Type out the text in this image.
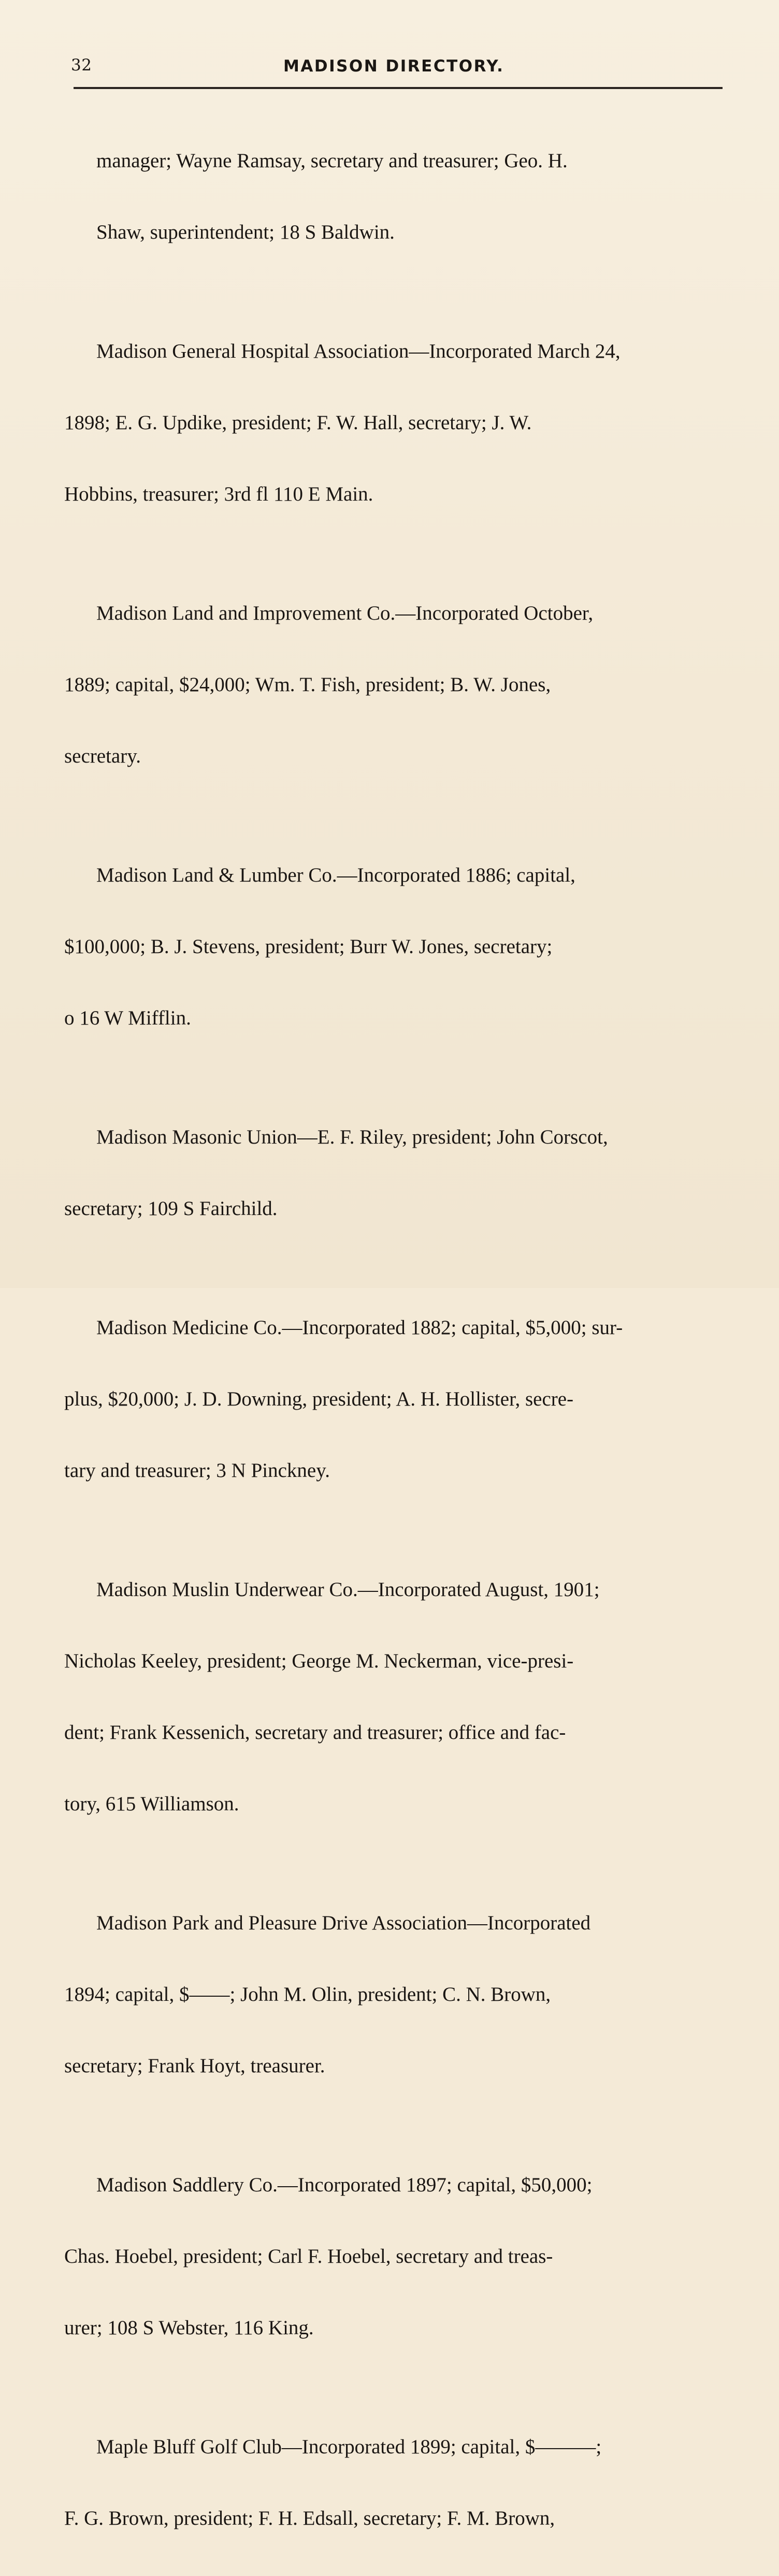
32	MADISON DIRECTORY.

manager; Wayne Ramsay, secretary and treasurer; Geo. H.

Shaw, superintendent; 18 S Baldwin.

Madison General Hospital Association—Incorporated March 24,

1898; E. G. Updike, president; F. W. Hall, secretary; J. W.

Hobbins, treasurer; 3rd fl 110 E Main.

Madison Land and Improvement Co.—Incorporated October,

1889; capital, $24,000; Wm. T. Fish, president; B. W. Jones,

secretary.

Madison Land & Lumber Co.—Incorporated 1886; capital,

$100,000; B. J. Stevens, president; Burr W. Jones, secretary;

o 16 W Mifflin.

Madison Masonic Union—E. F. Riley, president; John Corscot,

secretary; 109 S Fairchild.

Madison Medicine Co.—Incorporated 1882; capital, $5,000; sur-

plus, $20,000; J. D. Downing, president; A. H. Hollister, secre-

tary and treasurer; 3 N Pinckney.

Madison Muslin Underwear Co.—Incorporated August, 1901;

Nicholas Keeley, president; George M. Neckerman, vice-presi-

dent; Frank Kessenich, secretary and treasurer; office and fac-

tory, 615 Williamson.

Madison Park and Pleasure Drive Association—Incorporated

1894; capital, $——; John M. Olin, president; C. N. Brown,

secretary; Frank Hoyt, treasurer.

Madison Saddlery Co.—Incorporated 1897; capital, $50,000;

Chas. Hoebel, president; Carl F. Hoebel, secretary and treas-

urer; 108 S Webster, 116 King.

Maple Bluff Golf Club—Incorporated 1899; capital, $———;

F. G. Brown, president; F. H. Edsall, secretary; F. M. Brown,
